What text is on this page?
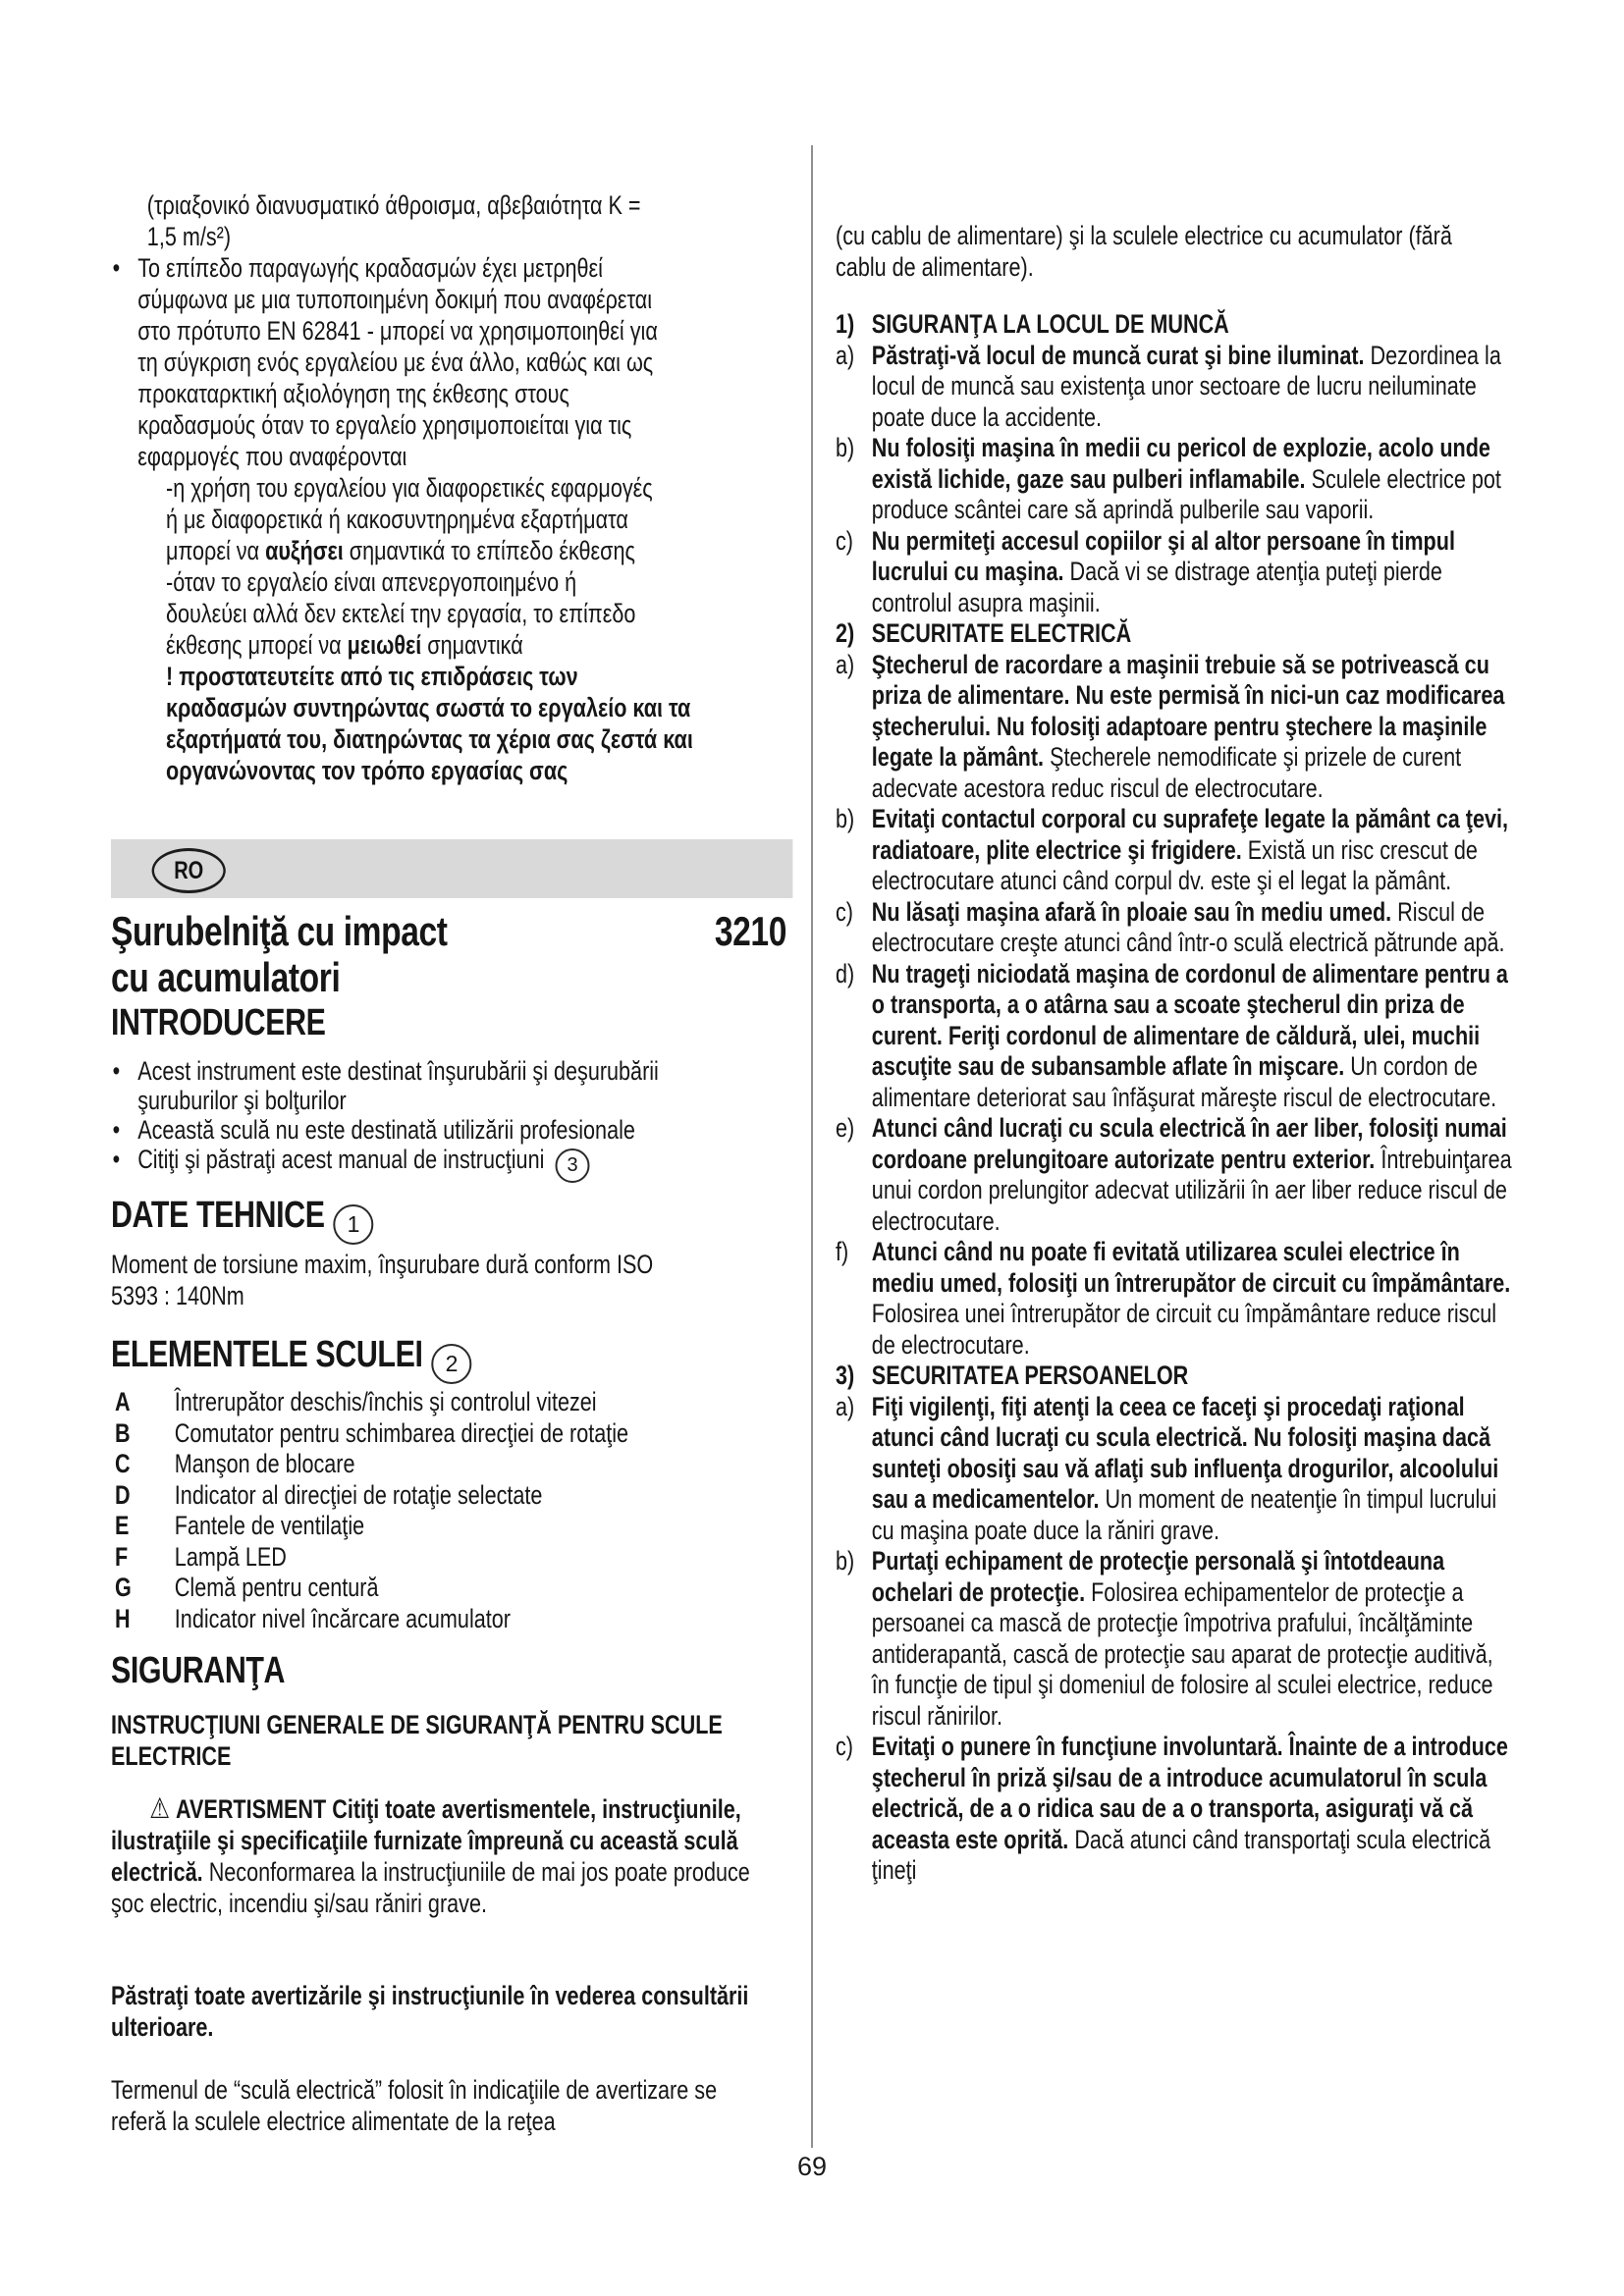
(τριαξονικό διανυσματικό άθροισμα, αβεβαιότητα K = 1,5 m/s²)
• Το επίπεδο παραγωγής κραδασμών έχει μετρηθεί σύμφωνα με μια τυποποιημένη δοκιμή που αναφέρεται στο πρότυπο EN 62841 - μπορεί να χρησιμοποιηθεί για τη σύγκριση ενός εργαλείου με ένα άλλο, καθώς και ως προκαταρκτική αξιολόγηση της έκθεσης στους κραδασμούς όταν το εργαλείο χρησιμοποιείται για τις εφαρμογές που αναφέρονται
-η χρήση του εργαλείου για διαφορετικές εφαρμογές ή με διαφορετικά ή κακοσυντηρημένα εξαρτήματα μπορεί να αυξήσει σημαντικά το επίπεδο έκθεσης
-όταν το εργαλείο είναι απενεργοποιημένο ή δουλεύει αλλά δεν εκτελεί την εργασία, το επίπεδο έκθεσης μπορεί να μειωθεί σημαντικά
! προστατευτείτε από τις επιδράσεις των κραδασμών συντηρώντας σωστά το εργαλείο και τα εξαρτήματά του, διατηρώντας τα χέρια σας ζεστά και οργανώνοντας τον τρόπο εργασίας σας
RO
Şurubelniţă cu impact	3210
cu acumulatori
INTRODUCERE
• Acest instrument este destinat înşurubării şi deşurubării şuruburilor şi bolţurilor
• Această sculă nu este destinată utilizării profesionale
• Citiţi şi păstraţi acest manual de instrucţiuni 3
DATE TEHNICE 1
Moment de torsiune maxim, înşurubare dură conform ISO 5393 : 140Nm
ELEMENTELE SCULEI 2
A Întrerupător deschis/închis şi controlul vitezei
B Comutator pentru schimbarea direcţiei de rotaţie
C Manşon de blocare
D Indicator al direcţiei de rotaţie selectate
E Fantele de ventilaţie
F Lampă LED
G Clemă pentru centură
H Indicator nivel încărcare acumulator
SIGURANŢA
INSTRUCŢIUNI GENERALE DE SIGURANŢĂ PENTRU SCULE ELECTRICE
⚠ AVERTISMENT Citiţi toate avertismentele, instrucţiunile, ilustraţiile şi specificaţiile furnizate împreună cu această sculă electrică. Neconformarea la instrucţiuniile de mai jos poate produce şoc electric, incendiu şi/sau răniri grave.
Păstraţi toate avertizările şi instrucţiunile în vederea consultării ulterioare.
Termenul de “sculă electrică” folosit în indicaţiile de avertizare se referă la sculele electrice alimentate de la reţea
(cu cablu de alimentare) şi la sculele electrice cu acumulator (fără cablu de alimentare).
1) SIGURANŢA LA LOCUL DE MUNCĂ
a) Păstraţi-vă locul de muncă curat şi bine iluminat. Dezordinea la locul de muncă sau existenţa unor sectoare de lucru neiluminate poate duce la accidente.
b) Nu folosiţi maşina în medii cu pericol de explozie, acolo unde există lichide, gaze sau pulberi inflamabile. Sculele electrice pot produce scântei care să aprindă pulberile sau vaporii.
c) Nu permiteţi accesul copiilor şi al altor persoane în timpul lucrului cu maşina. Dacă vi se distrage atenţia puteţi pierde controlul asupra maşinii.
2) SECURITATE ELECTRICĂ
a) Ştecherul de racordare a maşinii trebuie să se potrivească cu priza de alimentare. Nu este permisă în nici-un caz modificarea ştecherului. Nu folosiţi adaptoare pentru ştechere la maşinile legate la pământ. Ştecherele nemodificate şi prizele de curent adecvate acestora reduc riscul de electrocutare.
b) Evitaţi contactul corporal cu suprafeţe legate la pământ ca ţevi, radiatoare, plite electrice şi frigidere. Există un risc crescut de electrocutare atunci când corpul dv. este şi el legat la pământ.
c) Nu lăsaţi maşina afară în ploaie sau în mediu umed. Riscul de electrocutare creşte atunci când într-o sculă electrică pătrunde apă.
d) Nu trageţi niciodată maşina de cordonul de alimentare pentru a o transporta, a o atârna sau a scoate ştecherul din priza de curent. Feriţi cordonul de alimentare de căldură, ulei, muchii ascuţite sau de subansamble aflate în mişcare. Un cordon de alimentare deteriorat sau înfăşurat măreşte riscul de electrocutare.
e) Atunci când lucraţi cu scula electrică în aer liber, folosiţi numai cordoane prelungitoare autorizate pentru exterior. Întrebuinţarea unui cordon prelungitor adecvat utilizării în aer liber reduce riscul de electrocutare.
f) Atunci când nu poate fi evitată utilizarea sculei electrice în mediu umed, folosiţi un întrerupător de circuit cu împământare. Folosirea unei întrerupător de circuit cu împământare reduce riscul de electrocutare.
3) SECURITATEA PERSOANELOR
a) Fiţi vigilenţi, fiţi atenţi la ceea ce faceţi şi procedaţi raţional atunci când lucraţi cu scula electrică. Nu folosiţi maşina dacă sunteţi obosiţi sau vă aflaţi sub influenţa drogurilor, alcoolului sau a medicamentelor. Un moment de neatenţie în timpul lucrului cu maşina poate duce la răniri grave.
b) Purtaţi echipament de protecţie personală şi întotdeauna ochelari de protecţie. Folosirea echipamentelor de protecţie a persoanei ca mască de protecţie împotriva prafului, încălţăminte antiderapantă, cască de protecţie sau aparat de protecţie auditivă, în funcţie de tipul şi domeniul de folosire al sculei electrice, reduce riscul rănirilor.
c) Evitaţi o punere în funcţiune involuntară. Înainte de a introduce ştecherul în priză şi/sau de a introduce acumulatorul în scula electrică, de a o ridica sau de a o transporta, asiguraţi vă că aceasta este oprită. Dacă atunci când transportaţi scula electrică ţineţi
69
